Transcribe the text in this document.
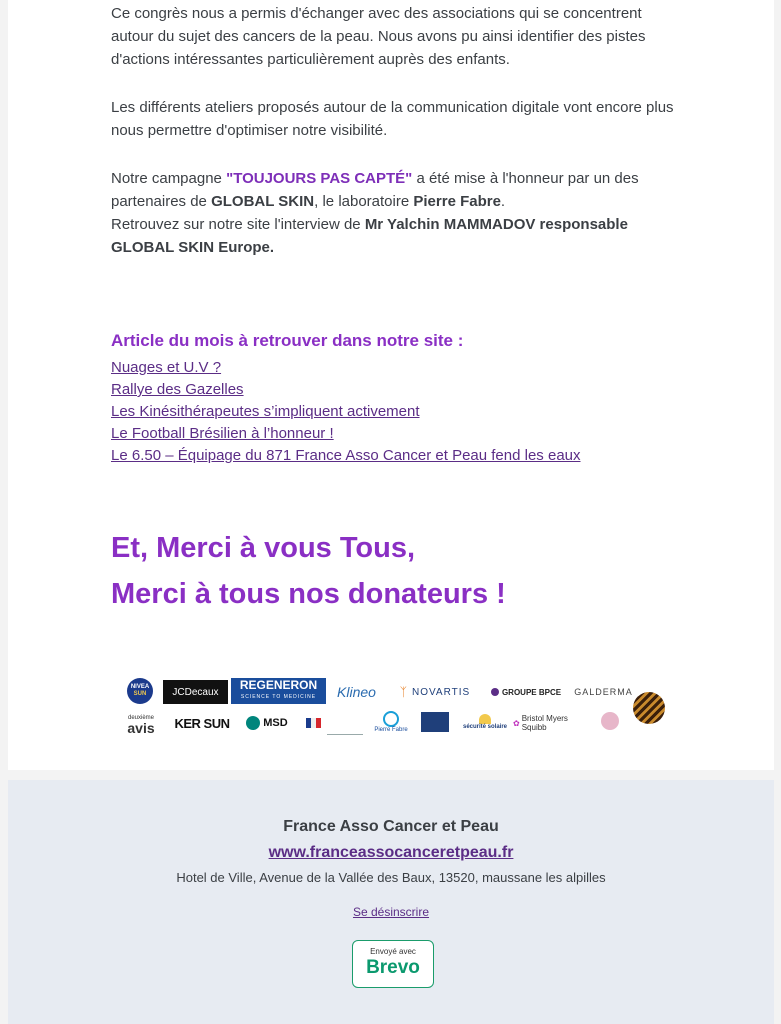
Ce congrès nous a permis d'échanger avec des associations qui se concentrent autour du sujet des cancers de la peau. Nous avons pu ainsi identifier des pistes d'actions intéressantes particulièrement auprès des enfants.

Les différents ateliers proposés autour de la communication digitale vont encore plus nous permettre d'optimiser notre visibilité.

Notre campagne "TOUJOURS PAS CAPTÉ" a été mise à l'honneur par un des partenaires de GLOBAL SKIN, le laboratoire Pierre Fabre.
Retrouvez sur notre site l'interview de Mr Yalchin MAMMADOV responsable GLOBAL SKIN Europe.

Article du mois à retrouver dans notre site :
Nuages et U.V ?
Rallye des Gazelles
Les Kinésithérapeutes s’impliquent activement
Le Football Brésilien à l’honneur !
Le 6.50 – Équipage du 871 France Asso Cancer et Peau fend les eaux
Et, Merci à vous Tous,
Merci à tous nos donateurs !
NIVEA
SUN	JCDecaux	REGENERON
SCIENCE TO MEDICINE	Klineo	ᛉ NOVARTIS	GROUPE BPCE	GALDERMA
deuxième
avis	KER SUN	MSD
Pierre Fabre	sécurité solaire ✿ Bristol Myers Squibb
France Asso Cancer et Peau
www.franceassocanceretpeau.fr
Hotel de Ville, Avenue de la Vallée des Baux, 13520, maussane les alpilles
Se désinscrire
Envoyé avec
Brevo
